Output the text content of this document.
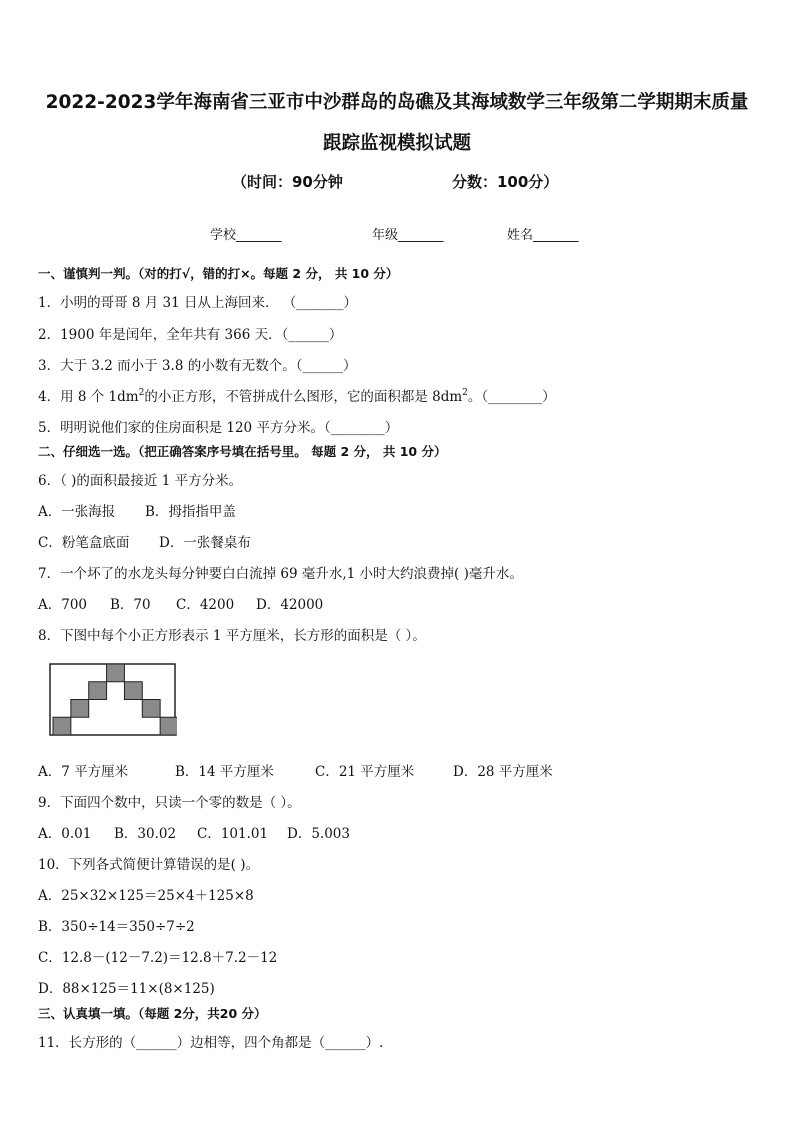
2022-2023学年海南省三亚市中沙群岛的岛礁及其海域数学三年级第二学期期末质量
跟踪监视模拟试题
（时间：90分钟	分数：100分）
学校_______	年级_______	姓名_______
一、谨慎判一判。（对的打√，错的打×。每题 2 分， 共 10 分）
1．小明的哥哥 8 月 31 日从上海回来． （_______）
2．1900 年是闰年，全年共有 366 天．（______）
3．大于 3.2 而小于 3.8 的小数有无数个。（______）
4．用 8 个 $1dm^2$的小正方形，不管拼成什么图形，它的面积都是 $8dm^2$。（________）
5．明明说他们家的住房面积是 120 平方分米。（________）
二、仔细选一选。（把正确答案序号填在括号里。 每题 2 分， 共 10 分）
6．（ )的面积最接近 1 平方分米。
A．一张海报 B．拇指指甲盖
C．粉笔盒底面 D．一张餐桌布
7．一个坏了的水龙头每分钟要白白流掉 69 毫升水,1 小时大约浪费掉( )毫升水。
A．700 B．70 C．4200 D．42000
8．下图中每个小正方形表示 1 平方厘米，长方形的面积是（ ）。
A．7 平方厘米	B．14 平方厘米	C．21 平方厘米	D．28 平方厘米
9．下面四个数中，只读一个零的数是（ ）。
A．0.01 B．30.02 C．101.01 D．5.003
10．下列各式简便计算错误的是( )。
A．25×32×125＝25×4＋125×8
B．350÷14＝350÷7÷2
C．12.8－(12－7.2)＝12.8＋7.2－12
D．88×125＝11×(8×125)
三、认真填一填。（每题 2分，共20 分）
11．长方形的（______）边相等，四个角都是（______）.
